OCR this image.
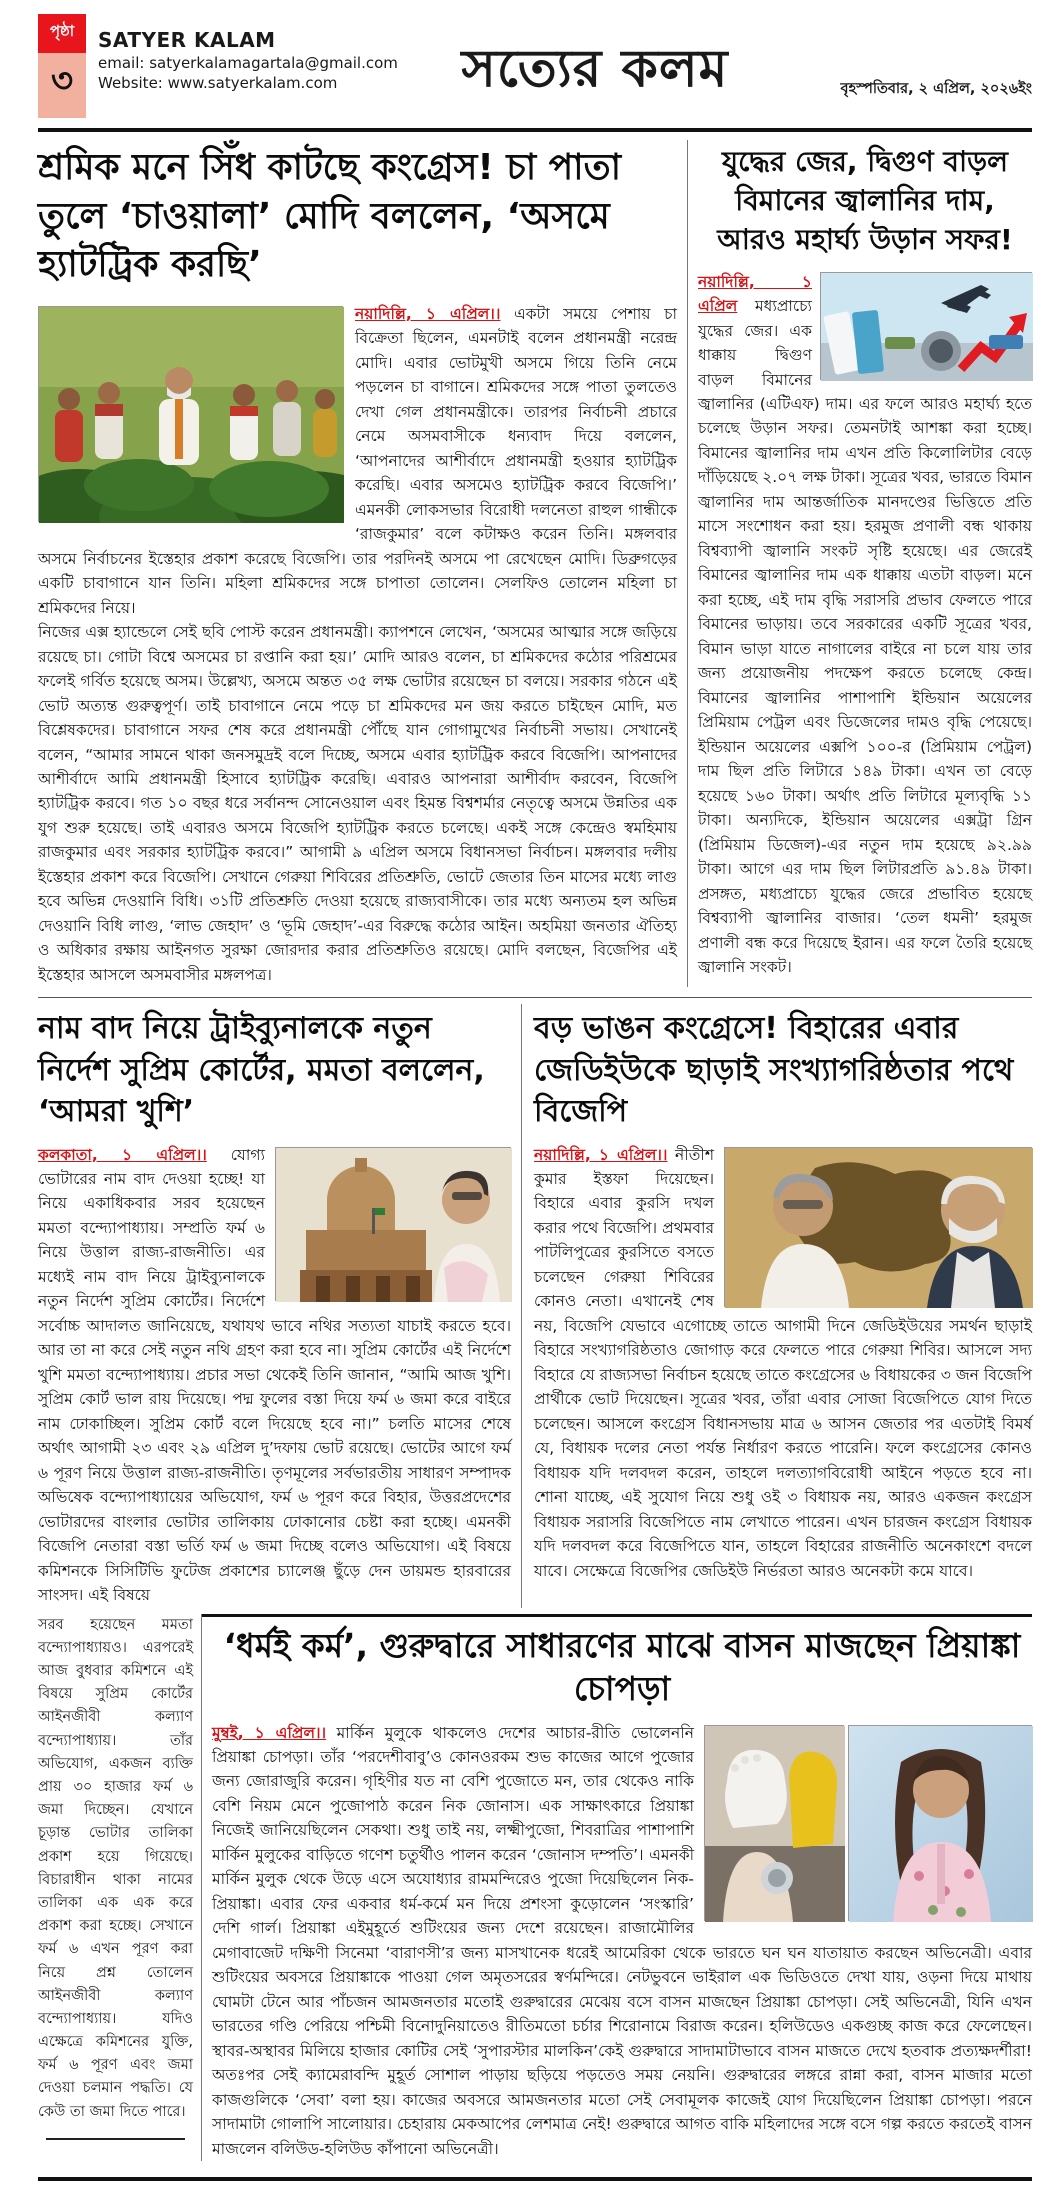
পৃষ্ঠা
৩
SATYER KALAM
email: satyerkalamagartala@gmail.com
Website: www.satyerkalam.com	সত্যের কলম	বৃহস্পতিবার, ২ এপ্রিল, ২০২৬ইং
শ্রমিক মনে সিঁধ কাটছে কংগ্রেস! চা পাতা তুলে ‘চাওয়ালা’ মোদি বললেন, ‘অসমে হ্যাটট্রিক করছি’

নয়াদিল্লি, ১ এপ্রিল।। একটা সময়ে পেশায় চা বিক্রেতা ছিলেন, এমনটাই বলেন প্রধানমন্ত্রী নরেন্দ্র মোদি। এবার ভোটমুখী অসমে গিয়ে তিনি নেমে পড়লেন চা বাগানে। শ্রমিকদের সঙ্গে পাতা তুলতেও দেখা গেল প্রধানমন্ত্রীকে। তারপর নির্বাচনী প্রচারে নেমে অসমবাসীকে ধন্যবাদ দিয়ে বললেন, ‘আপনাদের আশীর্বাদে প্রধানমন্ত্রী হওয়ার হ্যাটট্রিক করেছি। এবার অসমেও হ্যাটট্রিক করবে বিজেপি।’ এমনকী লোকসভার বিরোধী দলনেতা রাহুল গান্ধীকে ‘রাজকুমার’ বলে কটাক্ষও করেন তিনি। মঙ্গলবার অসমে নির্বাচনের ইস্তেহার প্রকাশ করেছে বিজেপি। তার পরদিনই অসমে পা রেখেছেন মোদি। ডিব্রুগড়ের একটি চাবাগানে যান তিনি। মহিলা শ্রমিকদের সঙ্গে চাপাতা তোলেন। সেলফিও তোলেন মহিলা চা শ্রমিকদের নিয়ে।

নিজের এক্স হ্যান্ডেলে সেই ছবি পোস্ট করেন প্রধানমন্ত্রী। ক্যাপশনে লেখেন, ‘অসমের আত্মার সঙ্গে জড়িয়ে রয়েছে চা। গোটা বিশ্বে অসমের চা রপ্তানি করা হয়।’ মোদি আরও বলেন, চা শ্রমিকদের কঠোর পরিশ্রমের ফলেই গর্বিত হয়েছে অসম। উল্লেখ্য, অসমে অন্তত ৩৫ লক্ষ ভোটার রয়েছেন চা বলয়ে। সরকার গঠনে এই ভোট অত্যন্ত গুরুত্বপূর্ণ। তাই চাবাগানে নেমে পড়ে চা শ্রমিকদের মন জয় করতে চাইছেন মোদি, মত বিশ্লেষকদের। চাবাগানে সফর শেষ করে প্রধানমন্ত্রী পৌঁছে যান গোগামুখের নির্বাচনী সভায়। সেখানেই বলেন, “আমার সামনে থাকা জনসমুদ্রই বলে দিচ্ছে, অসমে এবার হ্যাটট্রিক করবে বিজেপি। আপনাদের আশীর্বাদে আমি প্রধানমন্ত্রী হিসাবে হ্যাটট্রিক করেছি। এবারও আপনারা আশীর্বাদ করবেন, বিজেপি হ্যাটট্রিক করবে। গত ১০ বছর ধরে সর্বানন্দ সোনেওয়াল এবং হিমন্ত বিশ্বশর্মার নেতৃত্বে অসমে উন্নতির এক যুগ শুরু হয়েছে। তাই এবারও অসমে বিজেপি হ্যাটট্রিক করতে চলেছে। একই সঙ্গে কেন্দ্রেও স্বমহিমায় রাজকুমার এবং সরকার হ্যাটট্রিক করবে।” আগামী ৯ এপ্রিল অসমে বিধানসভা নির্বাচন। মঙ্গলবার দলীয় ইস্তেহার প্রকাশ করে বিজেপি। সেখানে গেরুয়া শিবিরের প্রতিশ্রুতি, ভোটে জেতার তিন মাসের মধ্যে লাগু হবে অভিন্ন দেওয়ানি বিধি। ৩১টি প্রতিশ্রুতি দেওয়া হয়েছে রাজ্যবাসীকে। তার মধ্যে অন্যতম হল অভিন্ন দেওয়ানি বিধি লাগু, ‘লাভ জেহাদ’ ও ‘ভূমি জেহাদ’-এর বিরুদ্ধে কঠোর আইন। অহমিয়া জনতার ঐতিহ্য ও অধিকার রক্ষায় আইনগত সুরক্ষা জোরদার করার প্রতিশ্রুতিও রয়েছে। মোদি বলছেন, বিজেপির এই ইস্তেহার আসলে অসমবাসীর মঙ্গলপত্র।

যুদ্ধের জের, দ্বিগুণ বাড়ল বিমানের জ্বালানির দাম, আরও মহার্ঘ্য উড়ান সফর!

নয়াদিল্লি, ১ এপ্রিল মধ্যপ্রাচ্যে যুদ্ধের জের। এক ধাক্কায় দ্বিগুণ বাড়ল বিমানের জ্বালানির (এটিএফ) দাম। এর ফলে আরও মহার্ঘ্য হতে চলেছে উড়ান সফর। তেমনটাই আশঙ্কা করা হচ্ছে। বিমানের জ্বালানির দাম এখন প্রতি কিলোলিটার বেড়ে দাঁড়িয়েছে ২.০৭ লক্ষ টাকা। সূত্রের খবর, ভারতে বিমান জ্বালানির দাম আন্তর্জাতিক মানদণ্ডের ভিত্তিতে প্রতি মাসে সংশোধন করা হয়। হরমুজ প্রণালী বন্ধ থাকায় বিশ্বব্যাপী জ্বালানি সংকট সৃষ্টি হয়েছে। এর জেরেই বিমানের জ্বালানির দাম এক ধাক্কায় এতটা বাড়ল। মনে করা হচ্ছে, এই দাম বৃদ্ধি সরাসরি প্রভাব ফেলতে পারে বিমানের ভাড়ায়। তবে সরকারের একটি সূত্রের খবর, বিমান ভাড়া যাতে নাগালের বাইরে না চলে যায় তার জন্য প্রয়োজনীয় পদক্ষেপ করতে চলেছে কেন্দ্র। বিমানের জ্বালানির পাশাপাশি ইন্ডিয়ান অয়েলের প্রিমিয়াম পেট্রল এবং ডিজেলের দামও বৃদ্ধি পেয়েছে। ইন্ডিয়ান অয়েলের এক্সপি ১০০-র (প্রিমিয়াম পেট্রল) দাম ছিল প্রতি লিটারে ১৪৯ টাকা। এখন তা বেড়ে হয়েছে ১৬০ টাকা। অর্থাৎ প্রতি লিটারে মূল্যবৃদ্ধি ১১ টাকা। অন্যদিকে, ইন্ডিয়ান অয়েলের এক্সট্রা গ্রিন (প্রিমিয়াম ডিজেল)-এর নতুন দাম হয়েছে ৯২.৯৯ টাকা। আগে এর দাম ছিল লিটারপ্রতি ৯১.৪৯ টাকা। প্রসঙ্গত, মধ্যপ্রাচ্যে যুদ্ধের জেরে প্রভাবিত হয়েছে বিশ্বব্যাপী জ্বালানির বাজার। ‘তেল ধমনী’ হরমুজ প্রণালী বন্ধ করে দিয়েছে ইরান। এর ফলে তৈরি হয়েছে জ্বালানি সংকট।

নাম বাদ নিয়ে ট্রাইব্যুনালকে নতুন নির্দেশ সুপ্রিম কোর্টের, মমতা বললেন, ‘আমরা খুশি’

কলকাতা, ১ এপ্রিল।। যোগ্য ভোটারের নাম বাদ দেওয়া হচ্ছে! যা নিয়ে একাধিকবার সরব হয়েছেন মমতা বন্দ্যোপাধ্যায়। সম্প্রতি ফর্ম ৬ নিয়ে উত্তাল রাজ্য-রাজনীতি। এর মধ্যেই নাম বাদ নিয়ে ট্রাইব্যুনালকে নতুন নির্দেশ সুপ্রিম কোর্টের। নির্দেশে সর্বোচ্চ আদালত জানিয়েছে, যথাযথ ভাবে নথির সত্যতা যাচাই করতে হবে। আর তা না করে সেই নতুন নথি গ্রহণ করা হবে না। সুপ্রিম কোর্টের এই নির্দেশে খুশি মমতা বন্দ্যোপাধ্যায়। প্রচার সভা থেকেই তিনি জানান, “আমি আজ খুশি। সুপ্রিম কোর্ট ভাল রায় দিয়েছে। পদ্ম ফুলের বস্তা দিয়ে ফর্ম ৬ জমা করে বাইরে নাম ঢোকাচ্ছিল। সুপ্রিম কোর্ট বলে দিয়েছে হবে না।” চলতি মাসের শেষে অর্থাৎ আগামী ২৩ এবং ২৯ এপ্রিল দু’দফায় ভোট রয়েছে। ভোটের আগে ফর্ম ৬ পূরণ নিয়ে উত্তাল রাজ্য-রাজনীতি। তৃণমূলের সর্বভারতীয় সাধারণ সম্পাদক অভিষেক বন্দ্যোপাধ্যায়ের অভিযোগ, ফর্ম ৬ পূরণ করে বিহার, উত্তরপ্রদেশের ভোটারদের বাংলার ভোটার তালিকায় ঢোকানোর চেষ্টা করা হচ্ছে। এমনকী বিজেপি নেতারা বস্তা ভর্তি ফর্ম ৬ জমা দিচ্ছে বলেও অভিযোগ। এই বিষয়ে কমিশনকে সিসিটিভি ফুটেজ প্রকাশের চ্যালেঞ্জ ছুঁড়ে দেন ডায়মন্ড হারবারের সাংসদ। এই বিষয়ে

বড় ভাঙন কংগ্রেসে! বিহারের এবার জেডিইউকে ছাড়াই সংখ্যাগরিষ্ঠতার পথে বিজেপি

নয়াদিল্লি, ১ এপ্রিল।। নীতীশ কুমার ইস্তফা দিয়েছেন। বিহারে এবার কুরসি দখল করার পথে বিজেপি। প্রথমবার পাটলিপুত্রের কুরসিতে বসতে চলেছেন গেরুয়া শিবিরের কোনও নেতা। এখানেই শেষ নয়, বিজেপি যেভাবে এগোচ্ছে তাতে আগামী দিনে জেডিইউয়ের সমর্থন ছাড়াই বিহারে সংখ্যাগরিষ্ঠতাও জোগাড় করে ফেলতে পারে গেরুয়া শিবির। আসলে সদ্য বিহারে যে রাজ্যসভা নির্বাচন হয়েছে তাতে কংগ্রেসের ৬ বিধায়কের ৩ জন বিজেপি প্রার্থীকে ভোট দিয়েছেন। সূত্রের খবর, তাঁরা এবার সোজা বিজেপিতে যোগ দিতে চলেছেন। আসলে কংগ্রেস বিধানসভায় মাত্র ৬ আসন জেতার পর এতটাই বিমর্ষ যে, বিধায়ক দলের নেতা পর্যন্ত নির্ধারণ করতে পারেনি। ফলে কংগ্রেসের কোনও বিধায়ক যদি দলবদল করেন, তাহলে দলত্যাগবিরোধী আইনে পড়তে হবে না। শোনা যাচ্ছে, এই সুযোগ নিয়ে শুধু ওই ৩ বিধায়ক নয়, আরও একজন কংগ্রেস বিধায়ক সরাসরি বিজেপিতে নাম লেখাতে পারেন। এখন চারজন কংগ্রেস বিধায়ক যদি দলবদল করে বিজেপিতে যান, তাহলে বিহারের রাজনীতি অনেকাংশে বদলে যাবে। সেক্ষেত্রে বিজেপির জেডিইউ নির্ভরতা আরও অনেকটা কমে যাবে।

সরব হয়েছেন মমতা বন্দ্যোপাধ্যায়ও। এরপরেই আজ বুধবার কমিশনে এই বিষয়ে সুপ্রিম কোর্টের আইনজীবী কল্যাণ বন্দ্যোপাধ্যায়। তাঁর অভিযোগ, একজন ব্যক্তি প্রায় ৩০ হাজার ফর্ম ৬ জমা দিচ্ছেন। যেখানে চূড়ান্ত ভোটার তালিকা প্রকাশ হয়ে গিয়েছে। বিচারাধীন থাকা নামের তালিকা এক এক করে প্রকাশ করা হচ্ছে। সেখানে ফর্ম ৬ এখন পূরণ করা নিয়ে প্রশ্ন তোলেন আইনজীবী কল্যাণ বন্দ্যোপাধ্যায়। যদিও এক্ষেত্রে কমিশনের যুক্তি, ফর্ম ৬ পূরণ এবং জমা দেওয়া চলমান পদ্ধতি। যে কেউ তা জমা দিতে পারে।

‘ধর্মই কর্ম’, গুরুদ্বারে সাধারণের মাঝে বাসন মাজছেন প্রিয়াঙ্কা চোপড়া

মুম্বই, ১ এপ্রিল।। মার্কিন মুলুকে থাকলেও দেশের আচার-রীতি ভোলেননি প্রিয়াঙ্কা চোপড়া। তাঁর ‘পরদেশীবাবু’ও কোনওরকম শুভ কাজের আগে পুজোর জন্য জোরাজুরি করেন। গৃহিণীর যত না বেশি পুজোতে মন, তার থেকেও নাকি বেশি নিয়ম মেনে পুজোপাঠ করেন নিক জোনাস। এক সাক্ষাৎকারে প্রিয়াঙ্কা নিজেই জানিয়েছিলেন সেকথা। শুধু তাই নয়, লক্ষ্মীপুজো, শিবরাত্রির পাশাপাশি মার্কিন মুলুকের বাড়িতে গণেশ চতুর্থীও পালন করেন ‘জোনাস দম্পতি’। এমনকী মার্কিন মুলুক থেকে উড়ে এসে অযোধ্যার রামমন্দিরেও পুজো দিয়েছিলেন নিক-প্রিয়াঙ্কা। এবার ফের একবার ধর্ম-কর্মে মন দিয়ে প্রশংসা কুড়োলেন ‘সংস্কারি’ দেশি গার্ল। প্রিয়াঙ্কা এইমুহূর্তে শুটিংয়ের জন্য দেশে রয়েছেন। রাজামৌলির মেগাবাজেট দক্ষিণী সিনেমা ‘বারাণসী’র জন্য মাসখানেক ধরেই আমেরিকা থেকে ভারতে ঘন ঘন যাতায়াত করছেন অভিনেত্রী। এবার শুটিংয়ের অবসরে প্রিয়াঙ্কাকে পাওয়া গেল অমৃতসরের স্বর্ণমন্দিরে। নেটভুবনে ভাইরাল এক ভিডিওতে দেখা যায়, ওড়না দিয়ে মাথায় ঘোমটা টেনে আর পাঁচজন আমজনতার মতোই গুরুদ্বারের মেঝেয় বসে বাসন মাজছেন প্রিয়াঙ্কা চোপড়া। সেই অভিনেত্রী, যিনি এখন ভারতের গণ্ডি পেরিয়ে পশ্চিমী বিনোদুনিয়াতেও রীতিমতো চর্চার শিরোনামে বিরাজ করেন। হলিউডেও একগুচ্ছ কাজ করে ফেলেছেন। স্থাবর-অস্থাবর মিলিয়ে হাজার কোটির সেই ‘সুপারস্টার মালকিন’কেই গুরুদ্বারে সাদামাটাভাবে বাসন মাজতে দেখে হতবাক প্রত্যক্ষদর্শীরা! অতঃপর সেই ক্যামেরাবন্দি মুহূর্ত সোশাল পাড়ায় ছড়িয়ে পড়তেও সময় নেয়নি। গুরুদ্বারের লঙ্গরে রান্না করা, বাসন মাজার মতো কাজগুলিকে ‘সেবা’ বলা হয়। কাজের অবসরে আমজনতার মতো সেই সেবামূলক কাজেই যোগ দিয়েছিলেন প্রিয়াঙ্কা চোপড়া। পরনে সাদামাটা গোলাপি সালোয়ার। চেহারায় মেকআপের লেশমাত্র নেই! গুরুদ্বারে আগত বাকি মহিলাদের সঙ্গে বসে গল্প করতে করতেই বাসন মাজলেন বলিউড-হলিউড কাঁপানো অভিনেত্রী।
